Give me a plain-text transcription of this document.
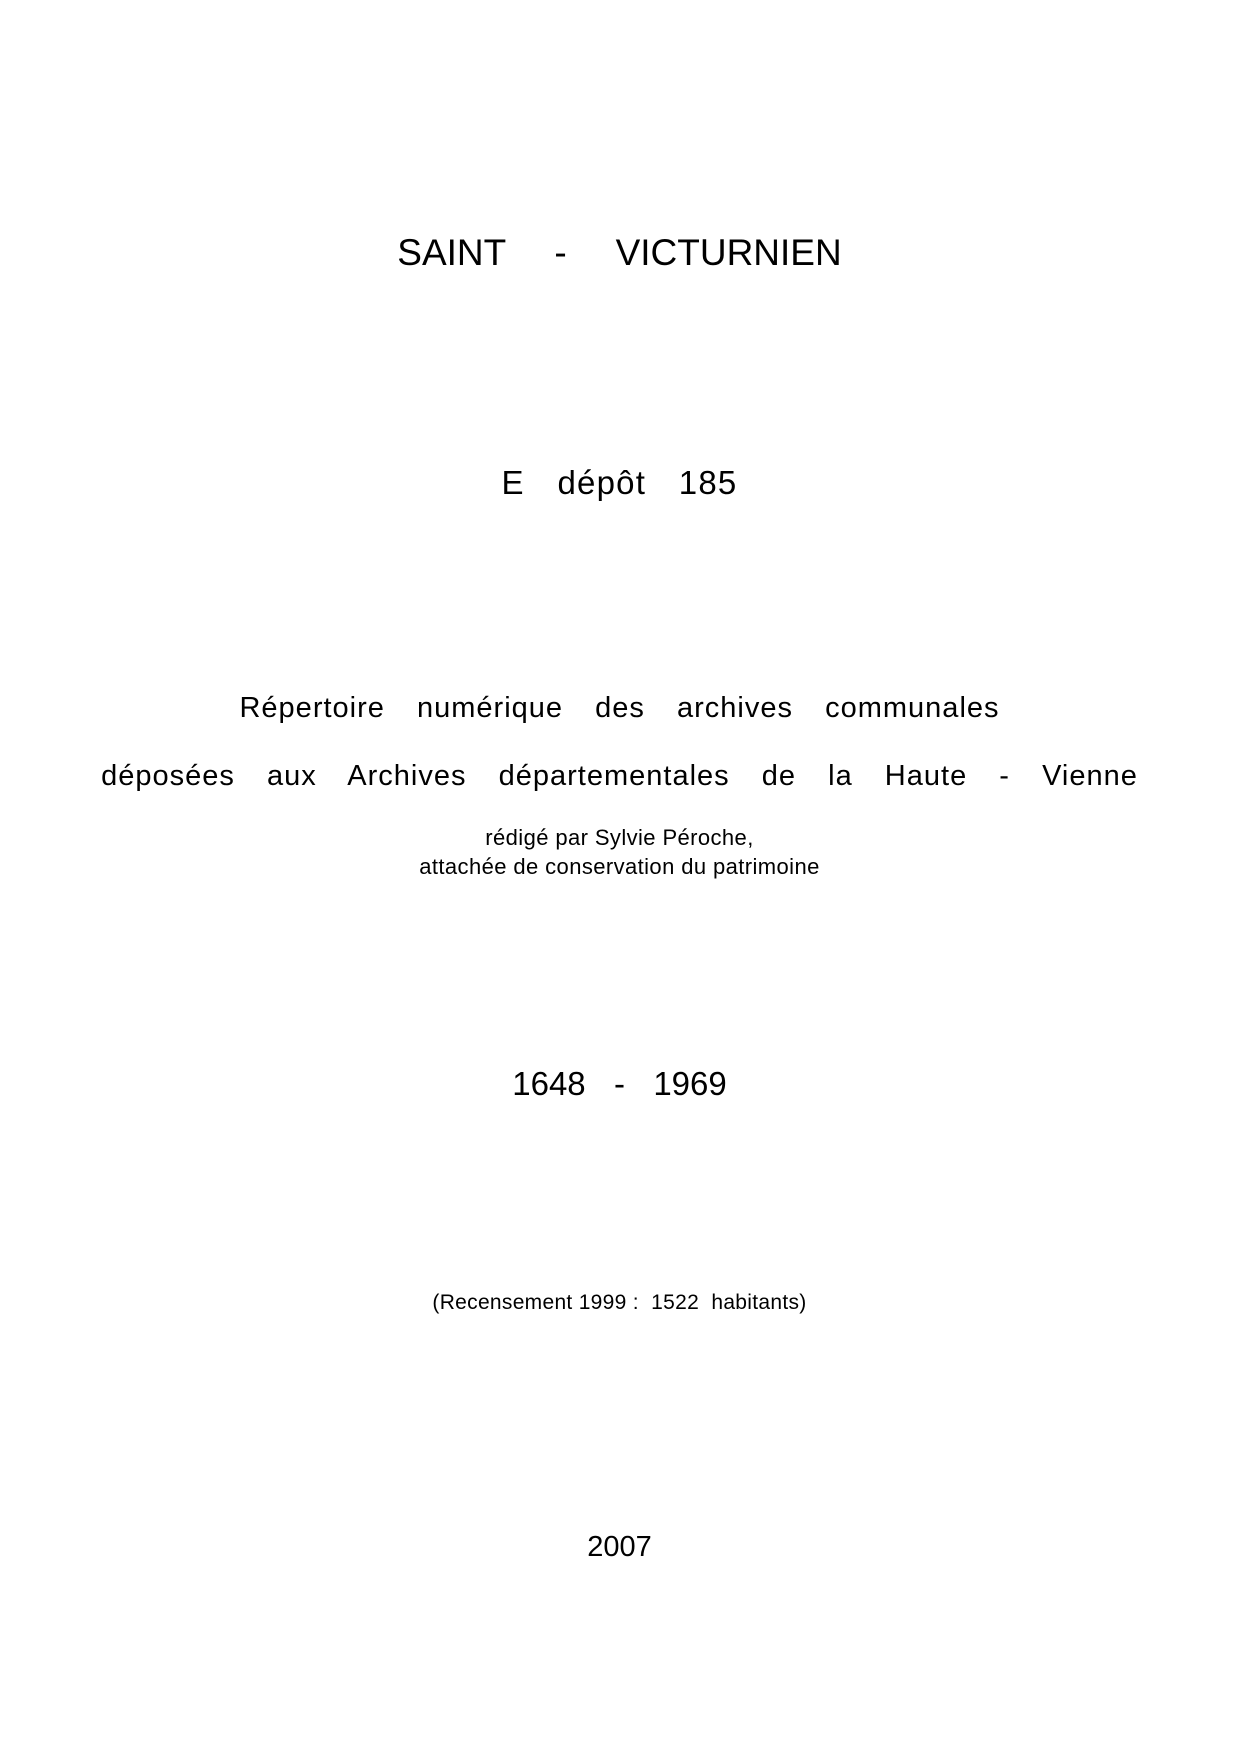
SAINT   -   VICTURNIEN
E  dépôt  185
Répertoire  numérique  des  archives  communales
déposées  aux  Archives  départementales  de  la  Haute  -  Vienne
rédigé par Sylvie Péroche,
attachée de conservation du patrimoine
1648  -  1969
(Recensement 1999 :  1522  habitants)
2007
